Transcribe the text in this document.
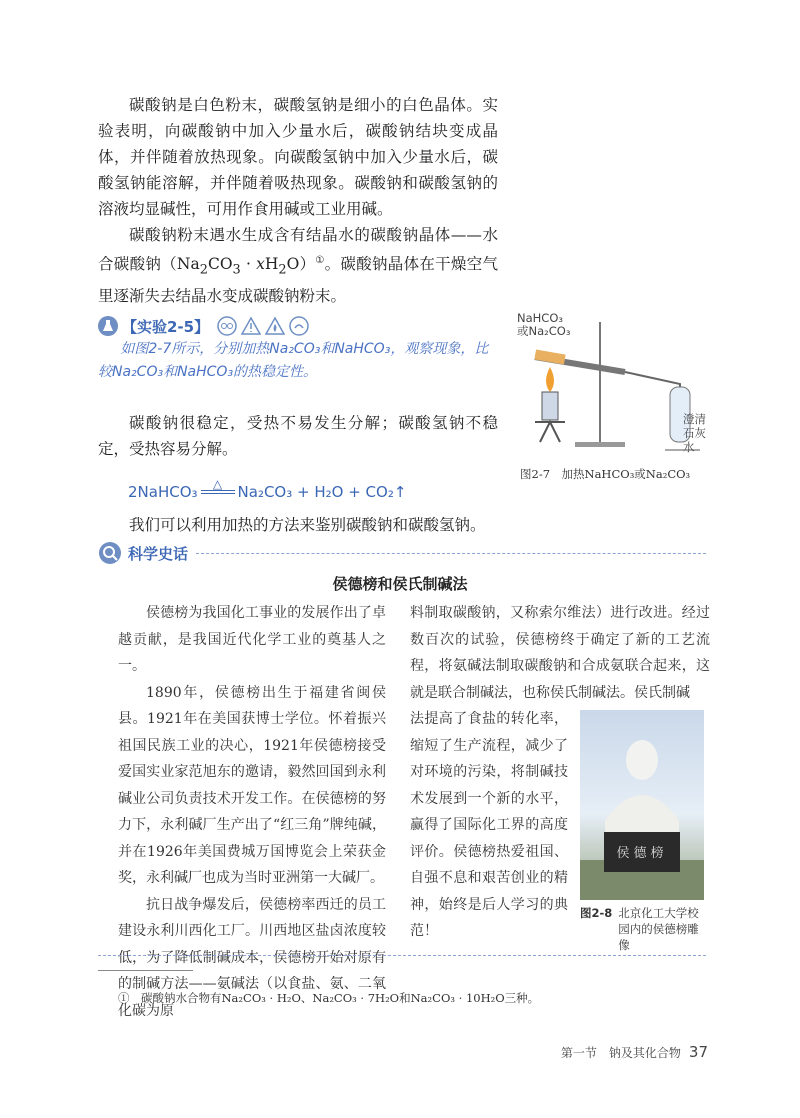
碳酸钠是白色粉末，碳酸氢钠是细小的白色晶体。实验表明，向碳酸钠中加入少量水后，碳酸钠结块变成晶体，并伴随着放热现象。向碳酸氢钠中加入少量水后，碳酸氢钠能溶解，并伴随着吸热现象。碳酸钠和碳酸氢钠的溶液均显碱性，可用作食用碱或工业用碱。

碳酸钠粉末遇水生成含有结晶水的碳酸钠晶体——水合碳酸钠$(Na_2CO_3 \cdot xH_2O)^①$。碳酸钠晶体在干燥空气里逐渐失去结晶水变成碳酸钠粉末。

【实验2-5】
如图2-7所示，分别加热Na₂CO₃和NaHCO₃，观察现象，比较Na₂CO₃和NaHCO₃的热稳定性。

碳酸钠很稳定，受热不易发生分解；碳酸氢钠不稳定，受热容易分解。

2NaHCO₃ △ Na₂CO₃ + H₂O + CO₂↑

我们可以利用加热的方法来鉴别碳酸钠和碳酸氢钠。

NaHCO₃
或Na₂CO₃
澄清
石灰水
图2-7　加热NaHCO₃或Na₂CO₃
科学史话
侯德榜和侯氏制碱法

侯德榜为我国化工事业的发展作出了卓越贡献，是我国近代化学工业的奠基人之一。

1890年，侯德榜出生于福建省闽侯县。1921年在美国获博士学位。怀着振兴祖国民族工业的决心，1921年侯德榜接受爱国实业家范旭东的邀请，毅然回国到永利碱业公司负责技术开发工作。在侯德榜的努力下，永利碱厂生产出了“红三角”牌纯碱，并在1926年美国费城万国博览会上荣获金奖，永利碱厂也成为当时亚洲第一大碱厂。

抗日战争爆发后，侯德榜率西迁的员工建设永利川西化工厂。川西地区盐卤浓度较低，为了降低制碱成本，侯德榜开始对原有的制碱方法——氨碱法（以食盐、氨、二氧化碳为原

料制取碳酸钠，又称索尔维法）进行改进。经过数百次的试验，侯德榜终于确定了新的工艺流程，将氨碱法制取碳酸钠和合成氨联合起来，这就是联合制碱法，也称侯氏制碱法。侯氏制碱
法提高了食盐的转化率，缩短了生产流程，减少了对环境的污染，将制碱技术发展到一个新的水平，赢得了国际化工界的高度评价。侯德榜热爱祖国、自强不息和艰苦创业的精神，始终是后人学习的典范！
侯德榜
图2-8 北京化工大学校园内的侯德榜雕像
①　碳酸钠水合物有Na₂CO₃ · H₂O、Na₂CO₃ · 7H₂O和Na₂CO₃ · 10H₂O三种。
第一节　钠及其化合物 37
